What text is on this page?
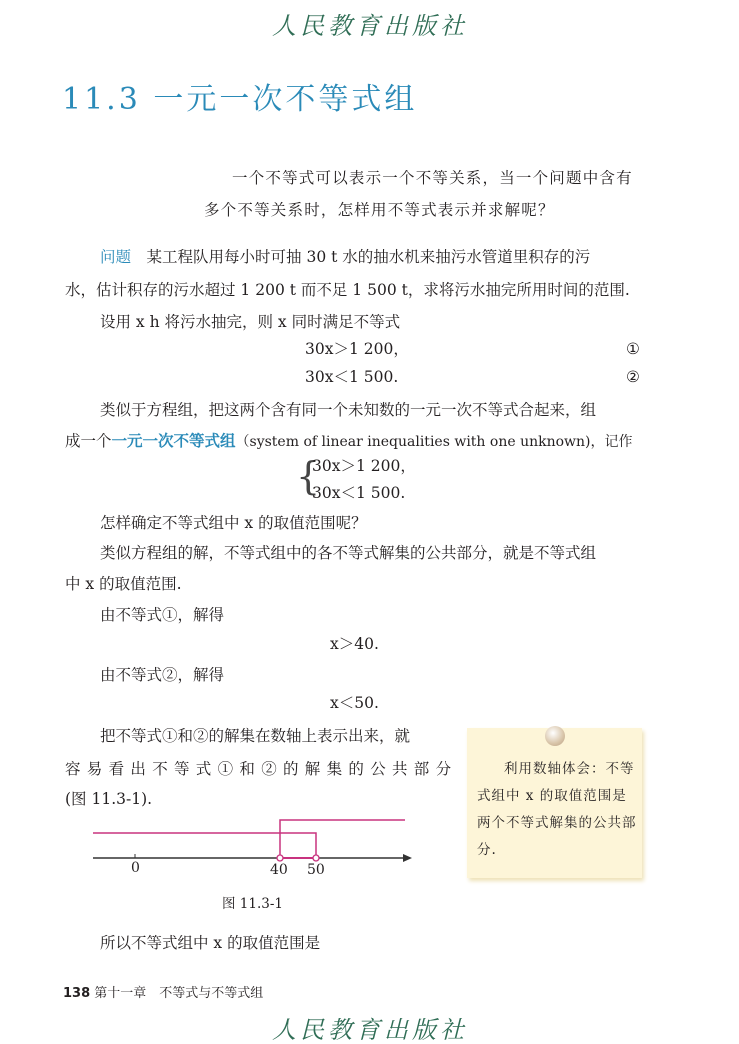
人民教育出版社
11.3 一元一次不等式组
一个不等式可以表示一个不等关系，当一个问题中含有
多个不等关系时，怎样用不等式表示并求解呢？
问题　 某工程队用每小时可抽 30 t 水的抽水机来抽污水管道里积存的污
水，估计积存的污水超过 1 200 t 而不足 1 500 t，求将污水抽完所用时间的范围.
设用 x h 将污水抽完，则 x 同时满足不等式
30x＞1 200，	①
30x＜1 500.	②
类似于方程组，把这两个含有同一个未知数的一元一次不等式合起来，组
成一个一元一次不等式组（system of linear inequalities with one unknown)，记作
{
30x＞1 200，
30x＜1 500.
怎样确定不等式组中 x 的取值范围呢？
类似方程组的解，不等式组中的各不等式解集的公共部分，就是不等式组
中 x 的取值范围.
由不等式①，解得
x＞40.
由不等式②，解得
x＜50.
把不等式①和②的解集在数轴上表示出来，就
容易看出不等式①和②的解集的公共部分
(图 11.3-1).
0	40 50
图 11.3-1
利用数轴体会：不等式组中 x 的取值范围是两个不等式解集的公共部分.
所以不等式组中 x 的取值范围是
138 第十一章　不等式与不等式组
人民教育出版社
